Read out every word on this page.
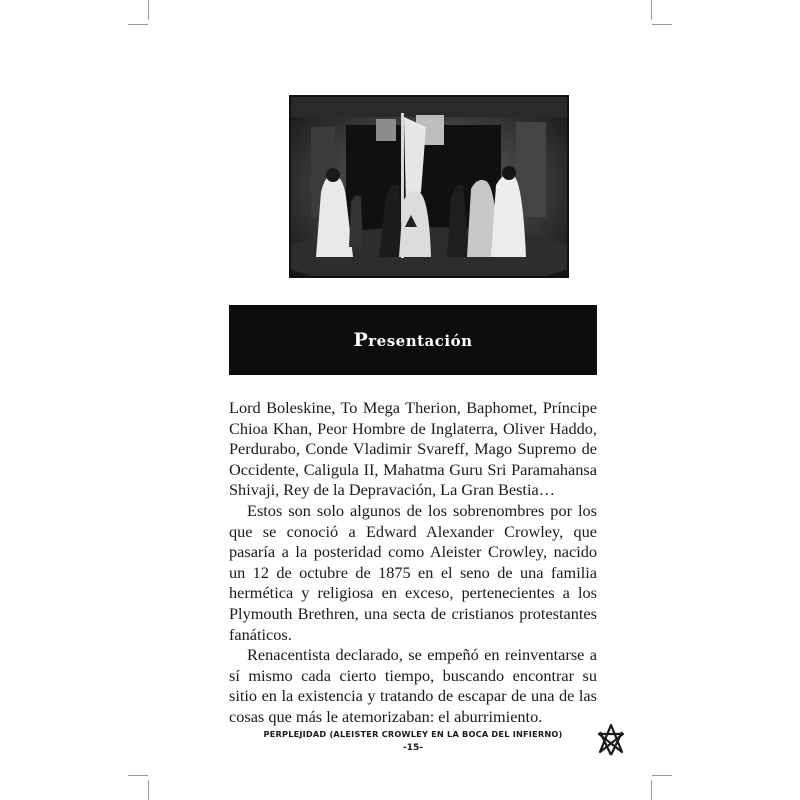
Presentación

Lord Boleskine, To Mega Therion, Baphomet, Príncipe Chioa Khan, Peor Hombre de Inglaterra, Oliver Haddo, Perdurabo, Conde Vladimir Svareff, Mago Supremo de Occidente, Caligula II, Mahatma Guru Sri Paramahansa Shivaji, Rey de la Depravación, La Gran Bestia…

Estos son solo algunos de los sobrenombres por los que se conoció a Edward Alexander Crowley, que pasaría a la posteridad como Aleister Crowley, nacido un 12 de octubre de 1875 en el seno de una familia hermética y religiosa en exceso, pertenecientes a los Plymouth Brethren, una secta de cristianos protestantes fanáticos.

Renacentista declarado, se empeñó en reinventarse a sí mismo cada cierto tiempo, buscando encontrar su sitio en la existencia y tratando de escapar de una de las cosas que más le atemorizaban: el aburrimiento.

PERPLEJIDAD (ALEISTER CROWLEY EN LA BOCA DEL INFIERNO)
-15-
